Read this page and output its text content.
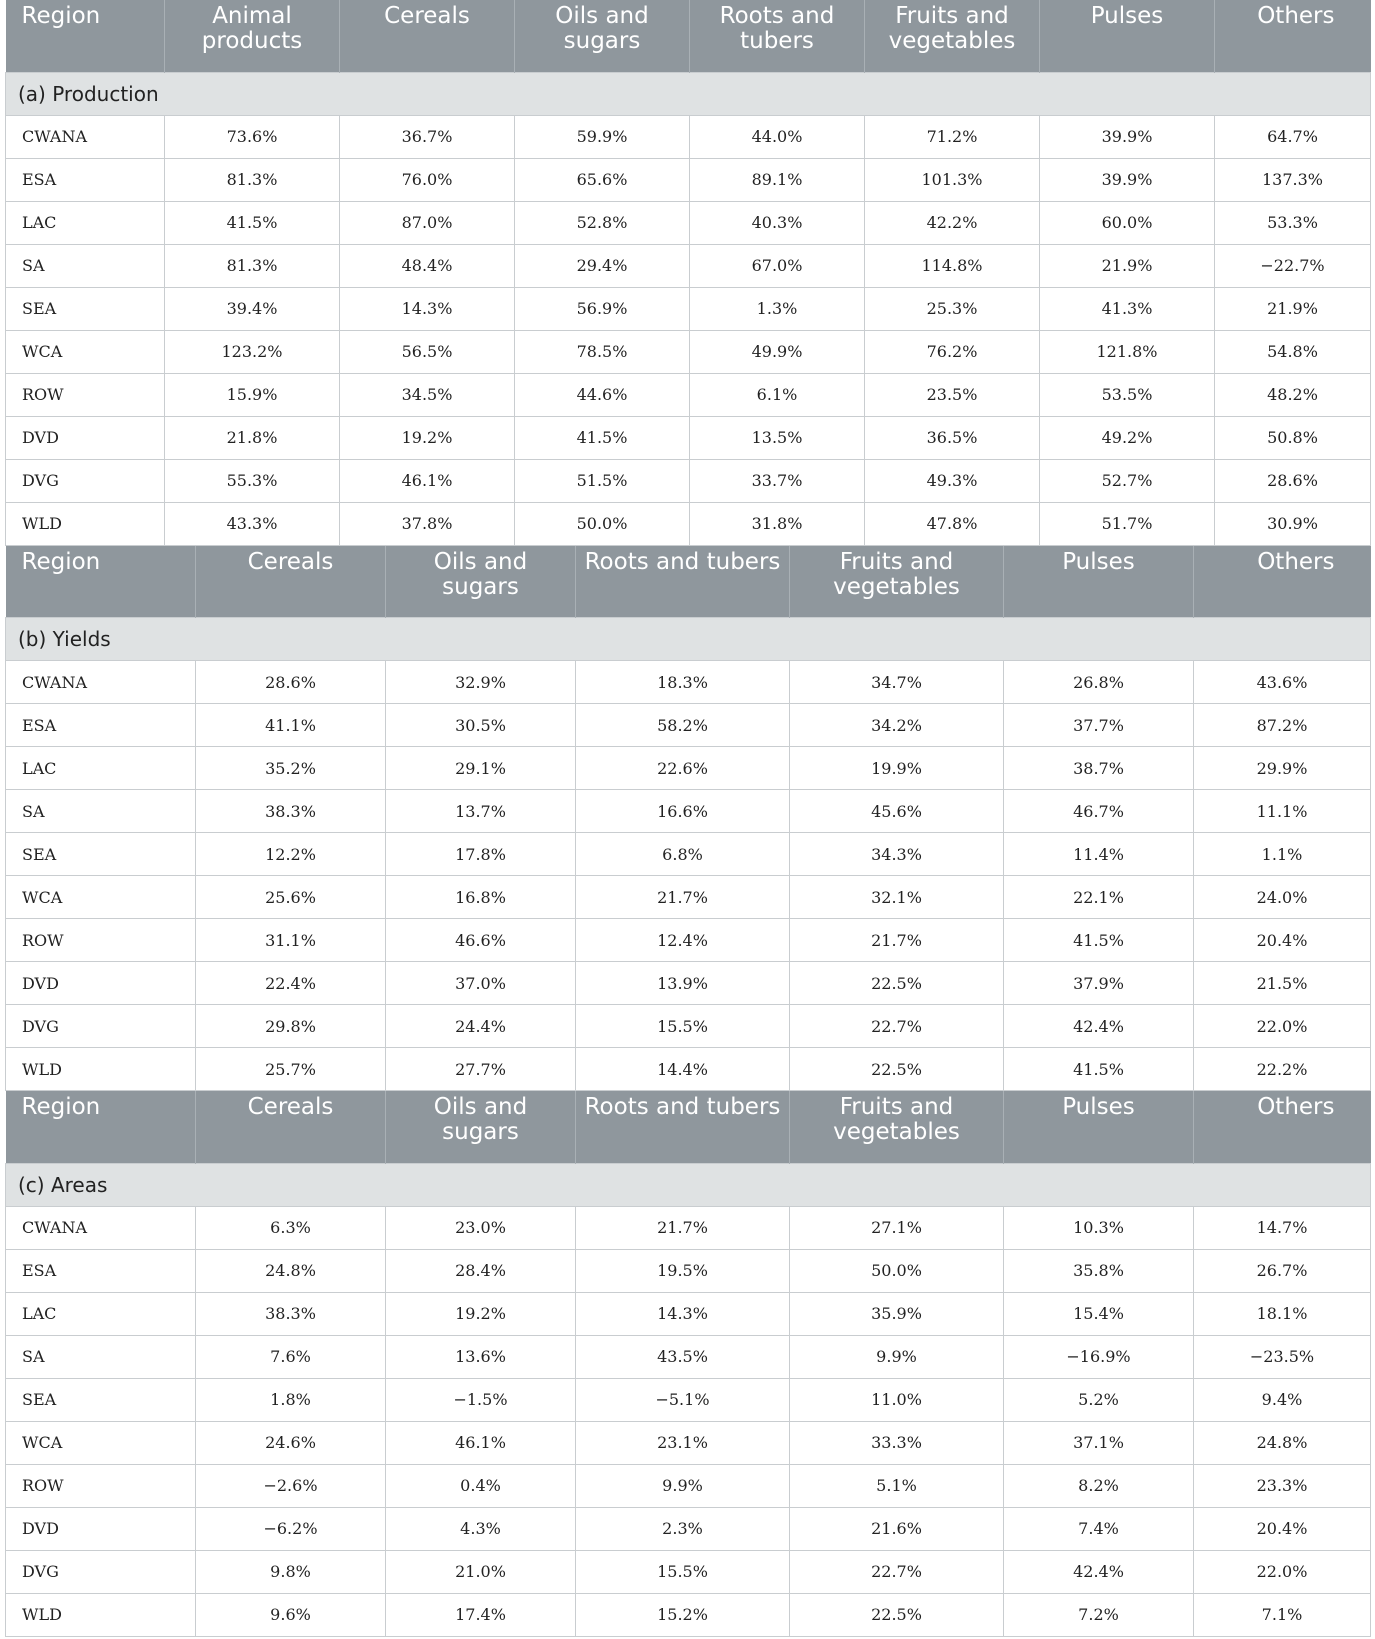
Region	Animal products	Cereals	Oils and sugars	Roots and tubers	Fruits and vegetables	Pulses	Others
(a) Production							
CWANA	73.6%	36.7%	59.9%	44.0%	71.2%	39.9%	64.7%
ESA	81.3%	76.0%	65.6%	89.1%	101.3%	39.9%	137.3%
LAC	41.5%	87.0%	52.8%	40.3%	42.2%	60.0%	53.3%
SA	81.3%	48.4%	29.4%	67.0%	114.8%	21.9%	−22.7%
SEA	39.4%	14.3%	56.9%	1.3%	25.3%	41.3%	21.9%
WCA	123.2%	56.5%	78.5%	49.9%	76.2%	121.8%	54.8%
ROW	15.9%	34.5%	44.6%	6.1%	23.5%	53.5%	48.2%
DVD	21.8%	19.2%	41.5%	13.5%	36.5%	49.2%	50.8%
DVG	55.3%	46.1%	51.5%	33.7%	49.3%	52.7%	28.6%
WLD	43.3%	37.8%	50.0%	31.8%	47.8%	51.7%	30.9%
Region	Cereals	Oils and sugars	Roots and tubers	Fruits and vegetables	Pulses	Others
(b) Yields						
CWANA	28.6%	32.9%	18.3%	34.7%	26.8%	43.6%
ESA	41.1%	30.5%	58.2%	34.2%	37.7%	87.2%
LAC	35.2%	29.1%	22.6%	19.9%	38.7%	29.9%
SA	38.3%	13.7%	16.6%	45.6%	46.7%	11.1%
SEA	12.2%	17.8%	6.8%	34.3%	11.4%	1.1%
WCA	25.6%	16.8%	21.7%	32.1%	22.1%	24.0%
ROW	31.1%	46.6%	12.4%	21.7%	41.5%	20.4%
DVD	22.4%	37.0%	13.9%	22.5%	37.9%	21.5%
DVG	29.8%	24.4%	15.5%	22.7%	42.4%	22.0%
WLD	25.7%	27.7%	14.4%	22.5%	41.5%	22.2%
Region	Cereals	Oils and sugars	Roots and tubers	Fruits and vegetables	Pulses	Others
(c) Areas						
CWANA	6.3%	23.0%	21.7%	27.1%	10.3%	14.7%
ESA	24.8%	28.4%	19.5%	50.0%	35.8%	26.7%
LAC	38.3%	19.2%	14.3%	35.9%	15.4%	18.1%
SA	7.6%	13.6%	43.5%	9.9%	−16.9%	−23.5%
SEA	1.8%	−1.5%	−5.1%	11.0%	5.2%	9.4%
WCA	24.6%	46.1%	23.1%	33.3%	37.1%	24.8%
ROW	−2.6%	0.4%	9.9%	5.1%	8.2%	23.3%
DVD	−6.2%	4.3%	2.3%	21.6%	7.4%	20.4%
DVG	9.8%	21.0%	15.5%	22.7%	42.4%	22.0%
WLD	9.6%	17.4%	15.2%	22.5%	7.2%	7.1%
